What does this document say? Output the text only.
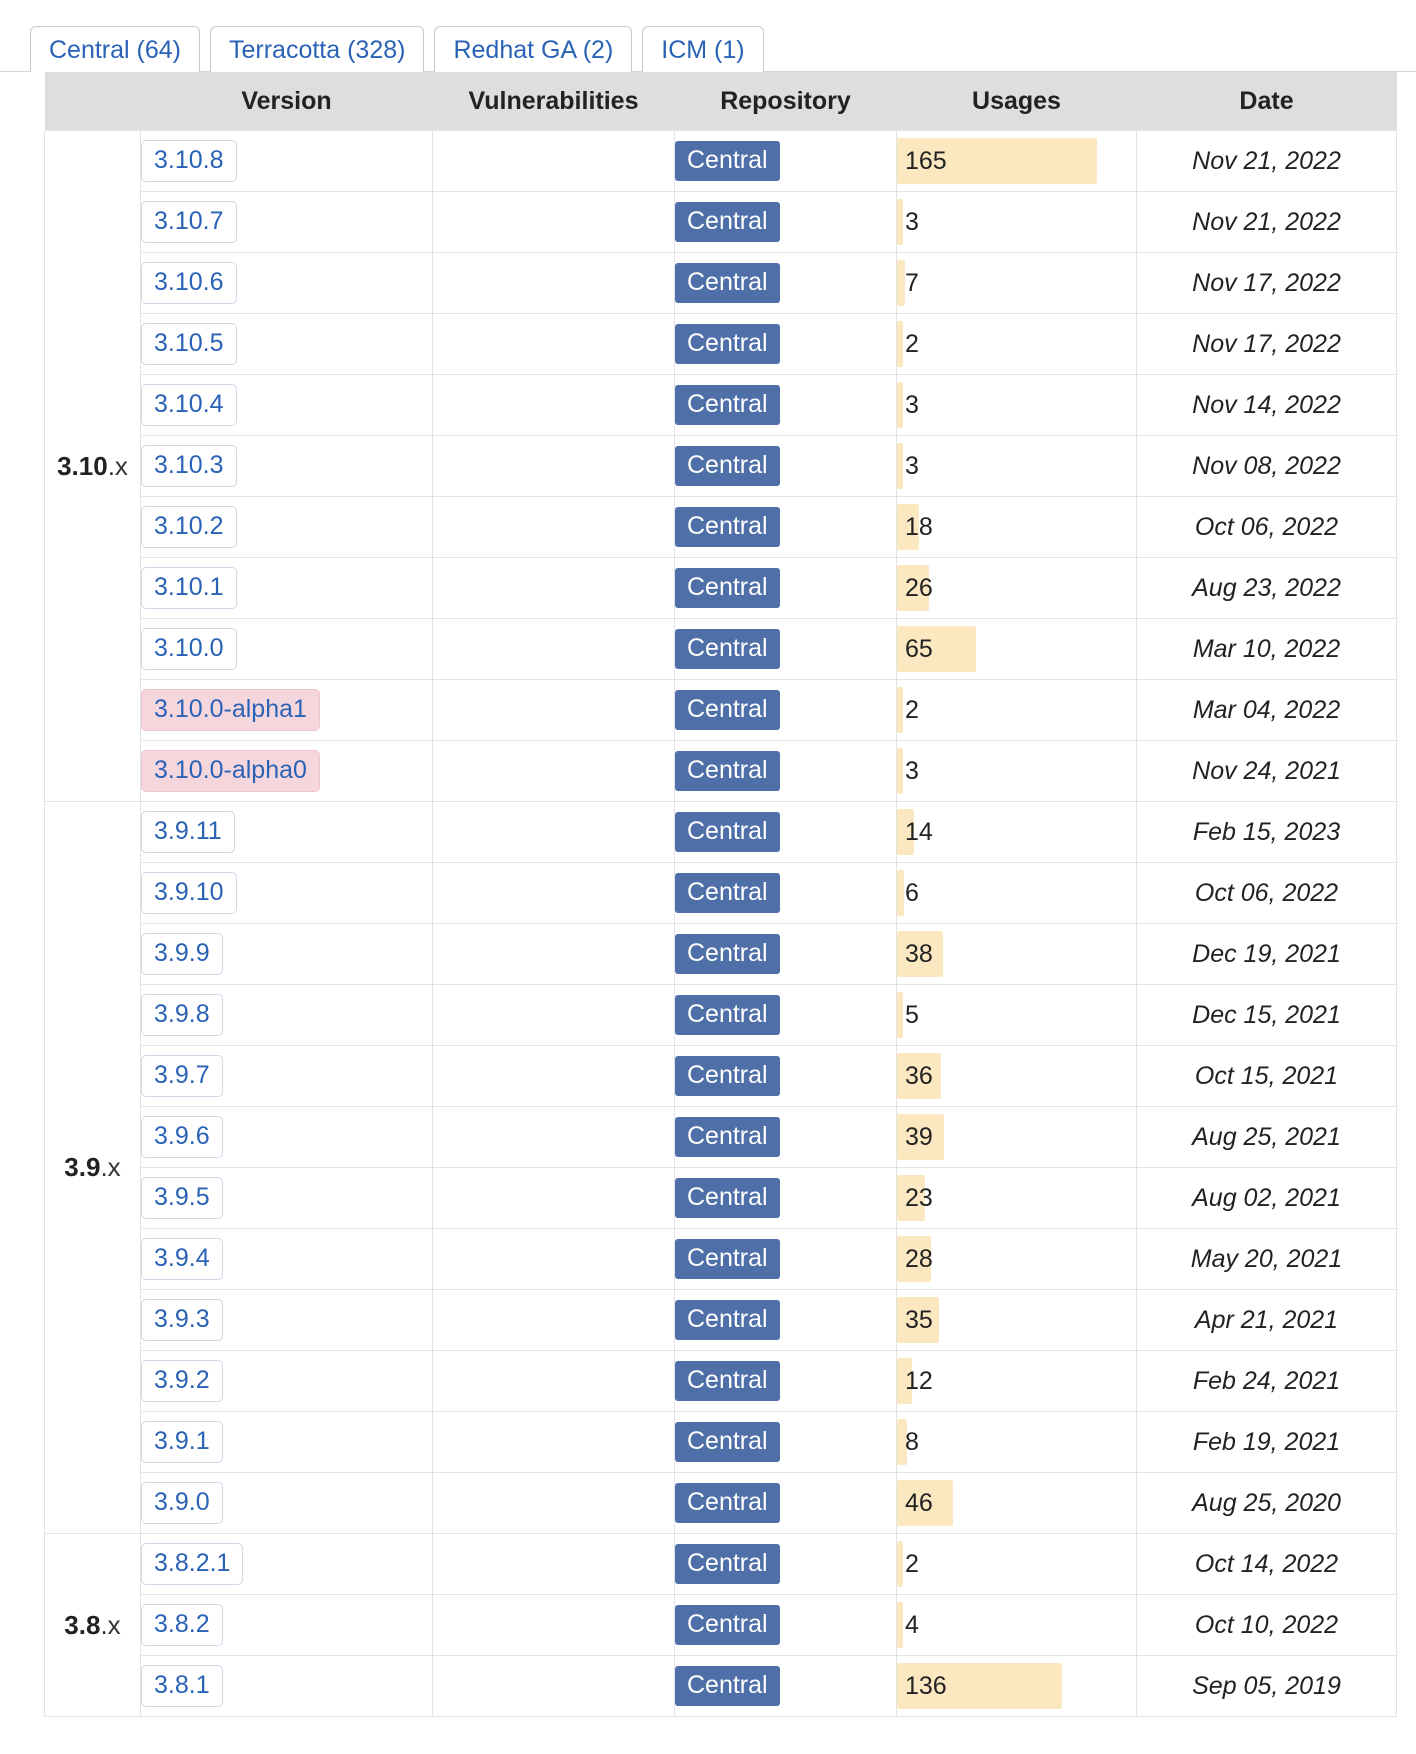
Central (64)	Terracotta (328)	Redhat GA (2)	ICM (1)
	Version	Vulnerabilities	Repository	Usages	Date
3.10.x	3.10.8		Central	165	Nov 21, 2022
	3.10.7		Central	3	Nov 21, 2022
	3.10.6		Central	7	Nov 17, 2022
	3.10.5		Central	2	Nov 17, 2022
	3.10.4		Central	3	Nov 14, 2022
	3.10.3		Central	3	Nov 08, 2022
	3.10.2		Central	18	Oct 06, 2022
	3.10.1		Central	26	Aug 23, 2022
	3.10.0		Central	65	Mar 10, 2022
	3.10.0-alpha1		Central	2	Mar 04, 2022
	3.10.0-alpha0		Central	3	Nov 24, 2021
3.9.x	3.9.11		Central	14	Feb 15, 2023
	3.9.10		Central	6	Oct 06, 2022
	3.9.9		Central	38	Dec 19, 2021
	3.9.8		Central	5	Dec 15, 2021
	3.9.7		Central	36	Oct 15, 2021
	3.9.6		Central	39	Aug 25, 2021
	3.9.5		Central	23	Aug 02, 2021
	3.9.4		Central	28	May 20, 2021
	3.9.3		Central	35	Apr 21, 2021
	3.9.2		Central	12	Feb 24, 2021
	3.9.1		Central	8	Feb 19, 2021
	3.9.0		Central	46	Aug 25, 2020
3.8.x	3.8.2.1		Central	2	Oct 14, 2022
	3.8.2		Central	4	Oct 10, 2022
	3.8.1		Central	136	Sep 05, 2019
